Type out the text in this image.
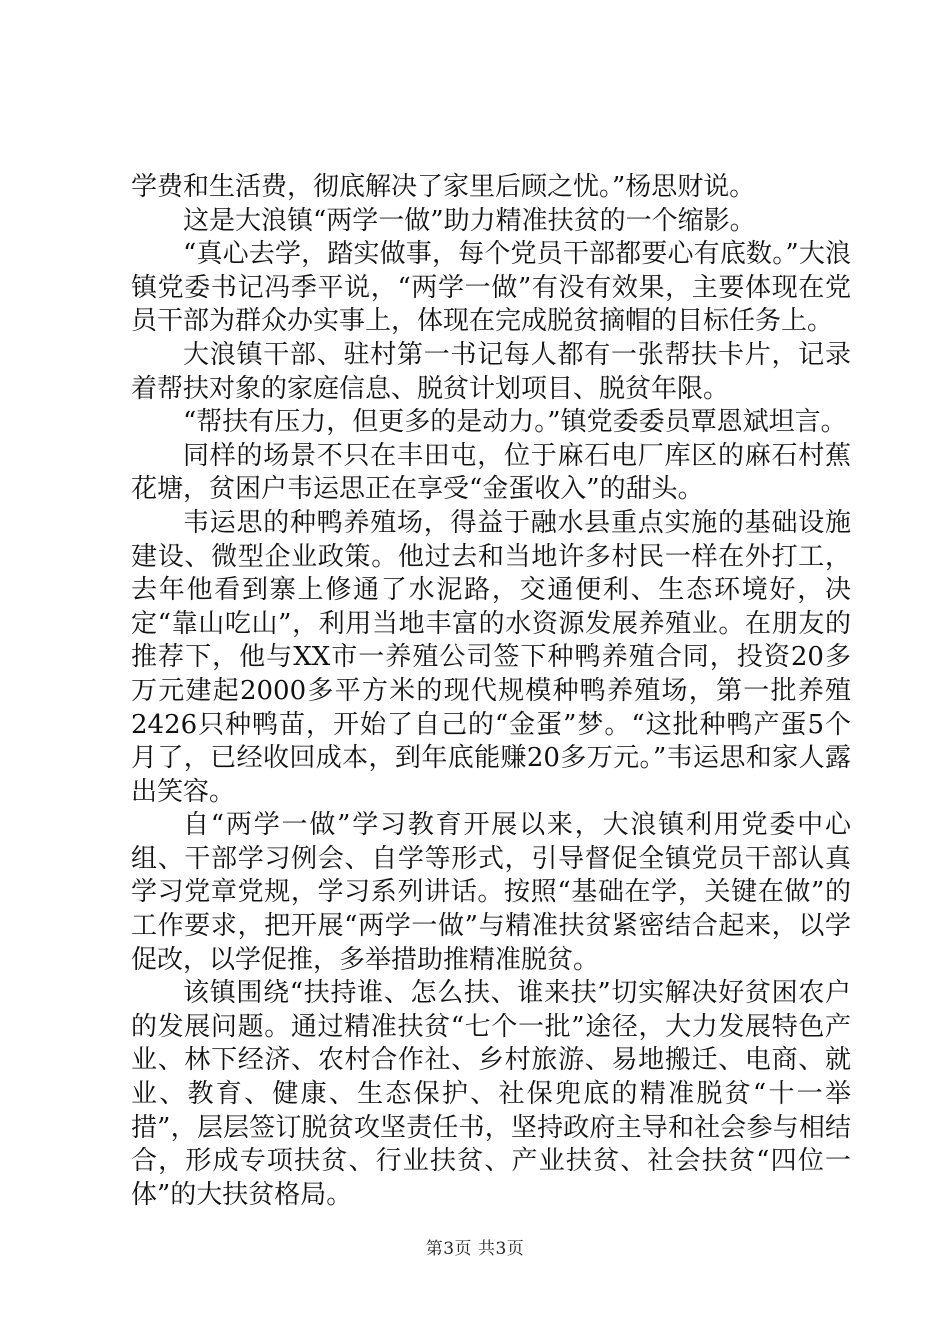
学费和生活费，彻底解决了家里后顾之忧。”杨思财说。

这是大浪镇“两学一做”助力精准扶贫的一个缩影。

“真心去学，踏实做事，每个党员干部都要心有底数。”大浪镇党委书记冯季平说，“两学一做”有没有效果，主要体现在党员干部为群众办实事上，体现在完成脱贫摘帽的目标任务上。

大浪镇干部、驻村第一书记每人都有一张帮扶卡片，记录着帮扶对象的家庭信息、脱贫计划项目、脱贫年限。

“帮扶有压力，但更多的是动力。”镇党委委员覃恩斌坦言。

同样的场景不只在丰田屯，位于麻石电厂库区的麻石村蕉花塘，贫困户韦运思正在享受“金蛋收入”的甜头。

韦运思的种鸭养殖场，得益于融水县重点实施的基础设施建设、微型企业政策。他过去和当地许多村民一样在外打工，去年他看到寨上修通了水泥路，交通便利、生态环境好，决定“靠山吃山”，利用当地丰富的水资源发展养殖业。在朋友的推荐下，他与XX市一养殖公司签下种鸭养殖合同，投资20多万元建起2000多平方米的现代规模种鸭养殖场，第一批养殖2426只种鸭苗，开始了自己的“金蛋”梦。“这批种鸭产蛋5个月了，已经收回成本，到年底能赚20多万元。”韦运思和家人露出笑容。

自“两学一做”学习教育开展以来，大浪镇利用党委中心组、干部学习例会、自学等形式，引导督促全镇党员干部认真学习党章党规，学习系列讲话。按照“基础在学，关键在做”的工作要求，把开展“两学一做”与精准扶贫紧密结合起来，以学促改，以学促推，多举措助推精准脱贫。

该镇围绕“扶持谁、怎么扶、谁来扶”切实解决好贫困农户的发展问题。通过精准扶贫“七个一批”途径，大力发展特色产业、林下经济、农村合作社、乡村旅游、易地搬迁、电商、就业、教育、健康、生态保护、社保兜底的精准脱贫“十一举措”，层层签订脱贫攻坚责任书，坚持政府主导和社会参与相结合，形成专项扶贫、行业扶贫、产业扶贫、社会扶贫“四位一体”的大扶贫格局。

第3页 共3页
